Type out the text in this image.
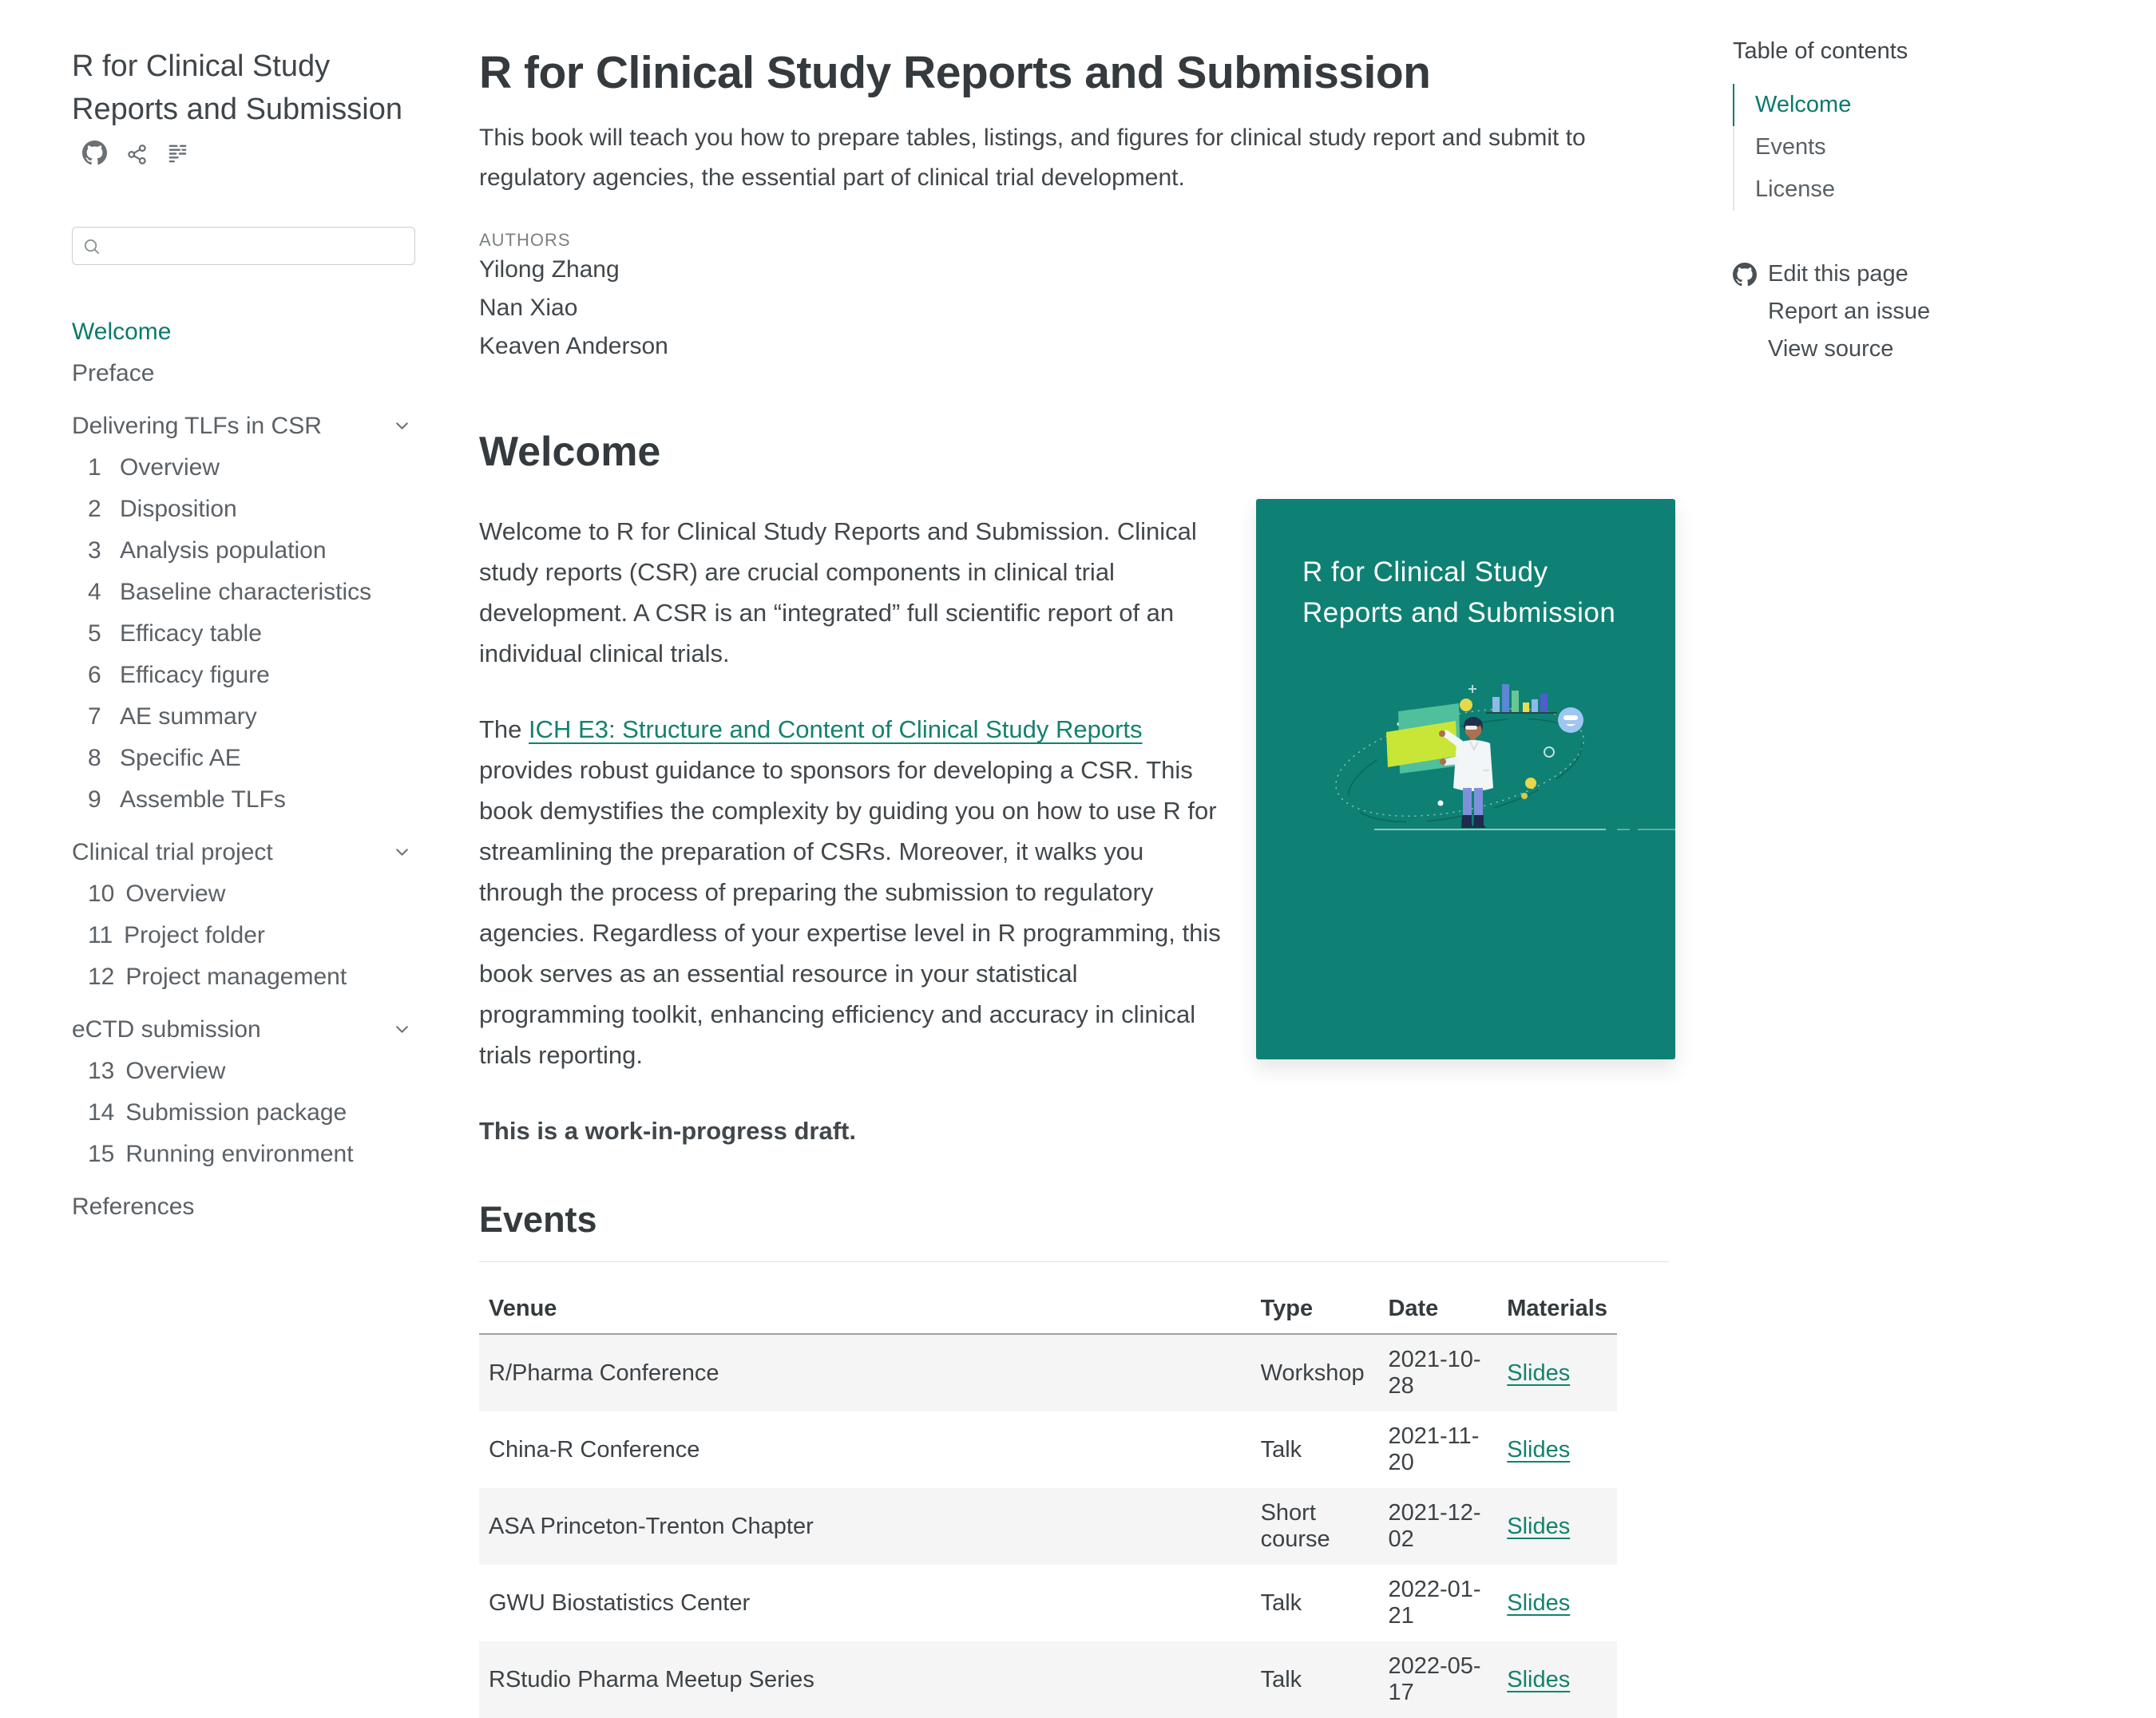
R for Clinical Study Reports and Submission
Welcome
Preface
Delivering TLFs in CSR
1 Overview
2 Disposition
3 Analysis population
4 Baseline characteristics
5 Efficacy table
6 Efficacy figure
7 AE summary
8 Specific AE
9 Assemble TLFs
Clinical trial project
10 Overview
11 Project folder
12 Project management
eCTD submission
13 Overview
14 Submission package
15 Running environment
References
R for Clinical Study Reports and Submission
This book will teach you how to prepare tables, listings, and figures for clinical study report and submit to regulatory agencies, the essential part of clinical trial development.
AUTHORS
Yilong Zhang
Nan Xiao
Keaven Anderson
Welcome

Welcome to R for Clinical Study Reports and Submission. Clinical study reports (CSR) are crucial components in clinical trial development. A CSR is an “integrated” full scientific report of an individual clinical trials.

The ICH E3: Structure and Content of Clinical Study Reports provides robust guidance to sponsors for developing a CSR. This book demystifies the complexity by guiding you on how to use R for streamlining the preparation of CSRs. Moreover, it walks you through the process of preparing the submission to regulatory agencies. Regardless of your expertise level in R programming, this book serves as an essential resource in your statistical programming toolkit, enhancing efficiency and accuracy in clinical trials reporting.

This is a work-in-progress draft.

R for Clinical Study
Reports and Submission
Events
Venue	Type	Date	Materials
R/Pharma Conference	Workshop	2021-10-28	Slides
China-R Conference	Talk	2021-11-20	Slides
ASA Princeton-Trenton Chapter	Short course	2021-12-02	Slides
GWU Biostatistics Center	Talk	2022-01-21	Slides
RStudio Pharma Meetup Series	Talk	2022-05-17	Slides
Table of contents
Welcome
Events
License
Edit this page
Report an issue
View source
